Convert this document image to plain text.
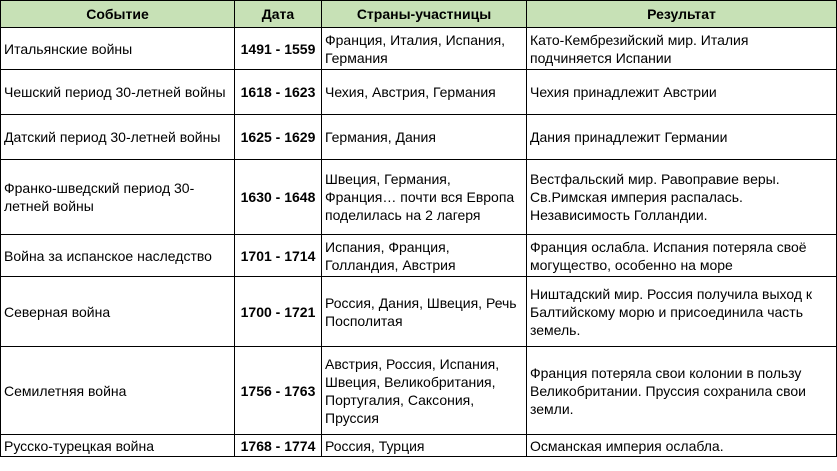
Событие	Дата	Страны-участницы	Результат
Итальянские войны	1491 - 1559	Франция, Италия, Испания, Германия	Като-Кембрезийский мир. Италия подчиняется Испании
Чешский период 30-летней войны	1618 - 1623	Чехия, Австрия, Германия	Чехия принадлежит Австрии
Датский период 30-летней войны	1625 - 1629	Германия, Дания	Дания принадлежит Германии
Франко-шведский период 30-летней войны	1630 - 1648	Швеция, Германия, Франция… почти вся Европа поделилась на 2 лагеря	Вестфальский мир. Равоправие веры. Св.Римская империя распалась. Независимость Голландии.
Война за испанское наследство	1701 - 1714	Испания, Франция, Голландия, Австрия	Франция ослабла. Испания потеряла своё могущество, особенно на море
Северная война	1700 - 1721	Россия, Дания, Швеция, Речь Посполитая	Ништадский мир. Россия получила выход к Балтийскому морю и присоединила часть земель.
Семилетняя война	1756 - 1763	Австрия, Россия, Испания, Швеция, Великобритания, Португалия, Саксония, Пруссия	Франция потеряла свои колонии в пользу Великобритании. Пруссия сохранила свои земли.
Русско-турецкая война	1768 - 1774	Россия, Турция	Османская империя ослабла.
